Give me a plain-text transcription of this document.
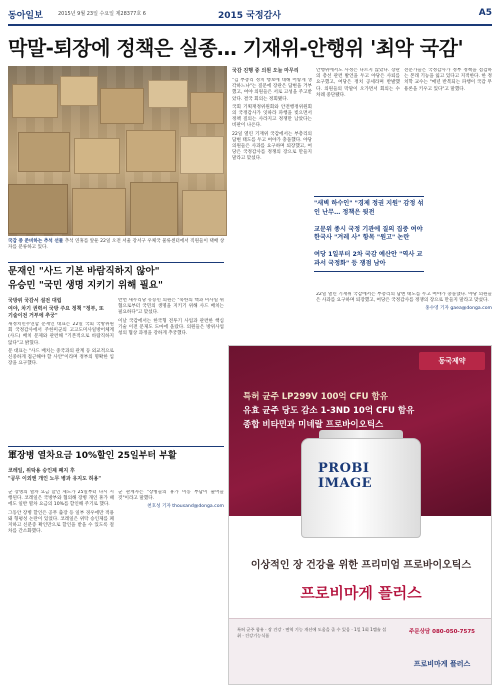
동아일보	2015년 9월 23일 수요일 제28377호 6	2015 국정감사	A5
막말-퇴장에 정책은 실종… 기재위-안행위 '최악 국감'
국감 중 준비하는 추석 선물 추석 연휴를 앞둔 22일 오전 서울 강서구 우체국 물류센터에서 직원들이 택배 상자를 분류하고 있다.
국감 진행 중 의원 오늘 마무리

"김 부총리 정치 행보에 대해 어떻게 생각하느냐"는 질문에 장관은 답변을 거부했고, 여야 의원들은 서로 고성을 주고받았다. 결국 회의는 정회됐다.

국회 기획재정위원회와 안전행정위원회의 국정감사가 잇따라 파행을 빚으면서 정책 질의는 사라지고 정쟁만 남았다는 비판이 나온다.

22일 열린 기재위 국감에서는 부총리의 답변 태도를 두고 여야가 충돌했다. 야당 의원들은 사과를 요구하며 퇴장했고, 여당은 국정감사를 정쟁의 장으로 만들지 말라고 맞섰다.

안행위에서도 사정은 다르지 않았다. 장관의 총선 관련 발언을 두고 야당은 사퇴를 요구했고, 여당은 정치 공세라며 반발했다. 의원들의 막말이 오가면서 회의는 수차례 중단됐다.

"새벽 하수인" "경제 정권 지원" 감정 섞인 난무… 정책은 뒷전

교문위 종시 국정 기관에 질의 집중 여야 한국사 "겨레 사" 항목 "원고" 논란

여당 1일부터 2차 국감 예산안 "역사 교과서 국정화" 등 쟁점 남아

전문가들은 국정감사가 정부 정책을 점검하는 본래 기능을 잃고 있다고 지적한다. 한 정치학 교수는 "매년 반복되는 파행이 국감 무용론을 키우고 있다"고 말했다.

22일 열린 기재위 국감에서는 부총리의 답변 태도를 두고 여야가 충돌했다. 야당 의원들은 사과를 요구하며 퇴장했고, 여당은 국정감사를 정쟁의 장으로 만들지 말라고 맞섰다.

홍수영 기자 gaea@donga.com

문재인 "사드 기본 바람직하지 않아"
유승민 "국민 생명 지키기 위해 필요"
국방위 국감서 설전 대립
여야, 차기 권력서 국방 주요 정책 "정부, 또 기술이전 거부에 추궁"

새정치민주연합 문재인 대표는 22일 국회 국방위원회 국정감사에서 주한미군의 고고도미사일방어체계(사드) 배치 문제와 관련해 "기본적으로 바람직하지 않다"고 밝혔다.

문 대표는 "사드 배치는 중국과의 관계 등 외교적으로 신중하게 접근해야 할 사안"이라며 정부의 명확한 입장을 요구했다.

반면 새누리당 유승민 의원은 "북한의 핵과 미사일 위협으로부터 국민의 생명을 지키기 위해 사드 배치는 필요하다"고 맞섰다.

이날 국감에서는 한국형 전투기 사업과 관련한 핵심 기술 이전 문제도 도마에 올랐다. 의원들은 방위사업청의 협상 과정을 강하게 추궁했다.

軍장병 열차요금 10%할인 25일부터 부활
코레일, 위탁용 승인제 폐지 후
"공무 이외엔 개인 노무 병과 유지도 허용"

군 장병의 열차 요금 할인 제도가 25일부터 다시 시행된다. 코레일은 국방부와 협의해 장병 개인 휴가 때에도 일반 열차 요금의 10%를 할인해 주기로 했다.

그동안 장병 할인은 공무 출장 등 일부 경우에만 적용돼 형평성 논란이 있었다. 코레일은 위탁 승인제를 폐지하고 신분증 확인만으로 할인을 받을 수 있도록 절차를 간소화했다.

군 관계자는 "장병들의 휴가 이동 부담이 줄어들 것"이라고 말했다.

천호성 기자 thousand@donga.com

동국제약
특허 균주 LP299V 100억 CFU 함유
유효 균주 당도 감소 1-3ND 10억 CFU 함유
종합 비타민과 미네랄 프로바이오틱스
PROBI IMAGE
이상적인 장 건강을 위한 프리미엄 프로바이오틱스
프로비마게 플러스
특허 균주 함유 · 장 건강 · 면역 기능 개선에 도움을 줄 수 있음 · 1일 1회 1캡슐 섭취 · 건강기능식품
주문상담 080-050-7575
프로비마게 플러스
